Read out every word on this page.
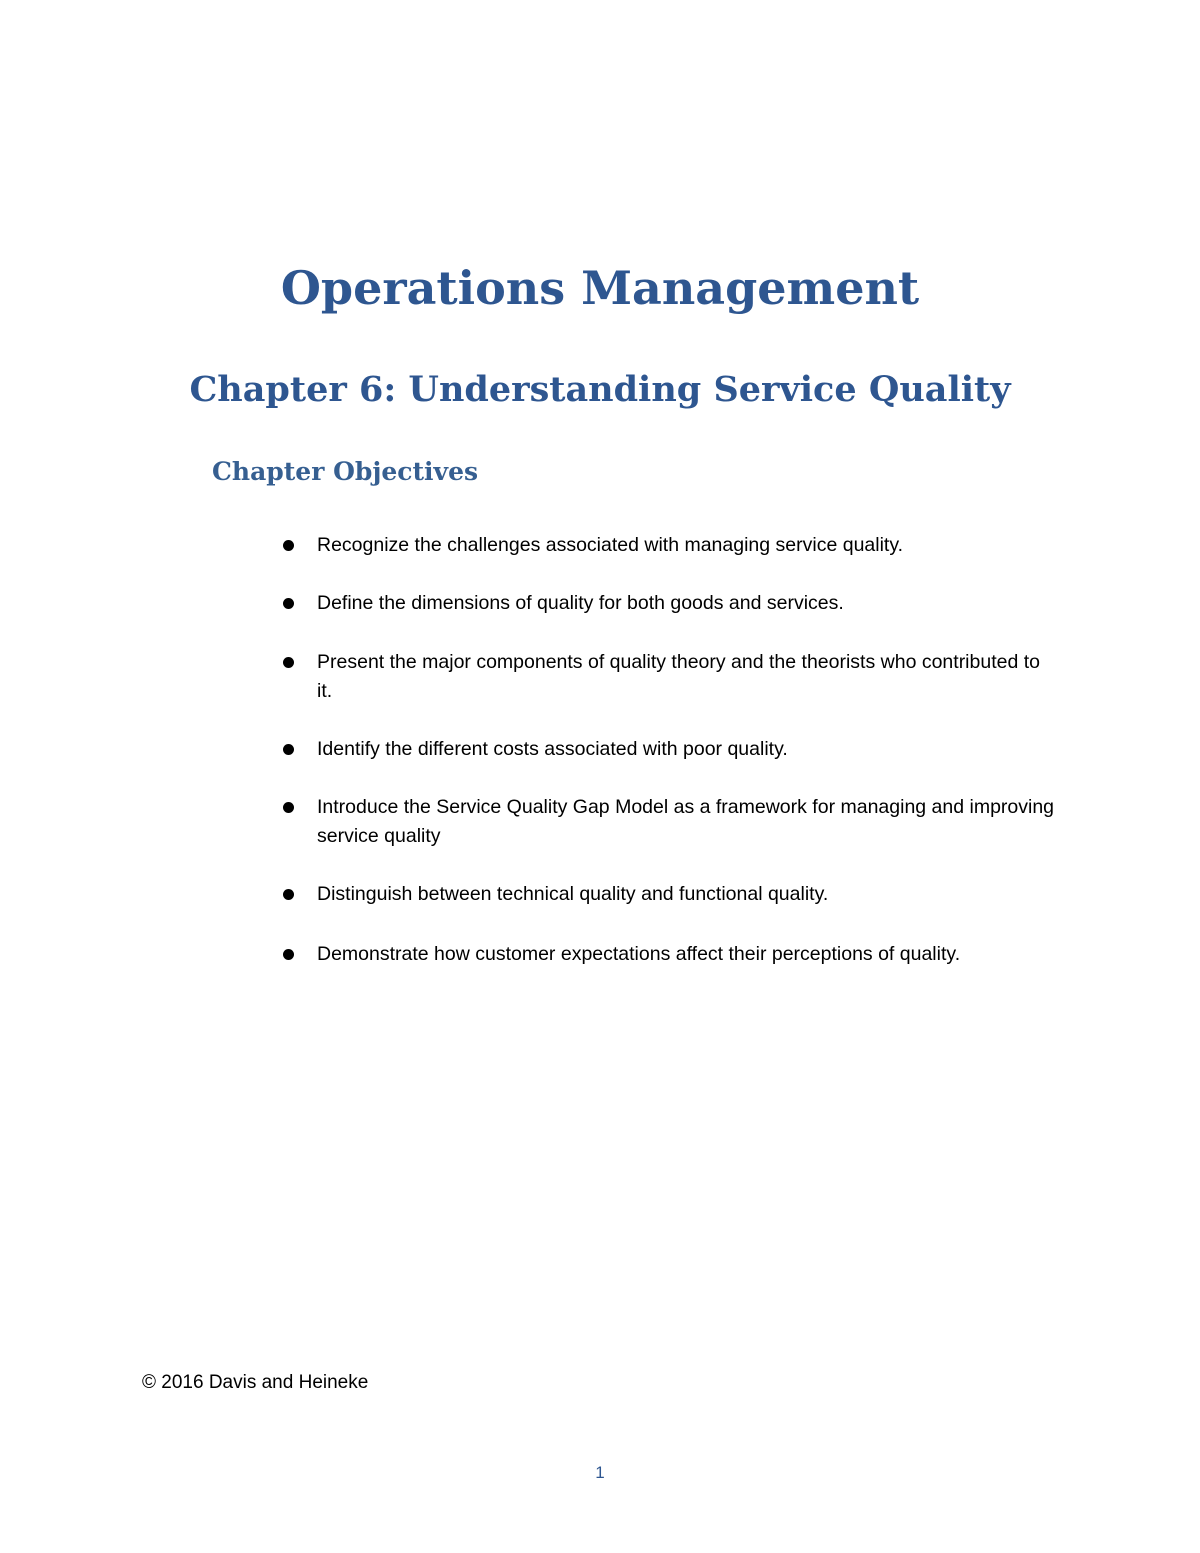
Operations Management
Chapter 6: Understanding Service Quality
Chapter Objectives
Recognize the challenges associated with managing service quality.
Define the dimensions of quality for both goods and services.
Present the major components of quality theory and the theorists who contributed to it.
Identify the different costs associated with poor quality.
Introduce the Service Quality Gap Model as a framework for managing and improving service quality
Distinguish between technical quality and functional quality.
Demonstrate how customer expectations affect their perceptions of quality.
© 2016 Davis and Heineke
1
